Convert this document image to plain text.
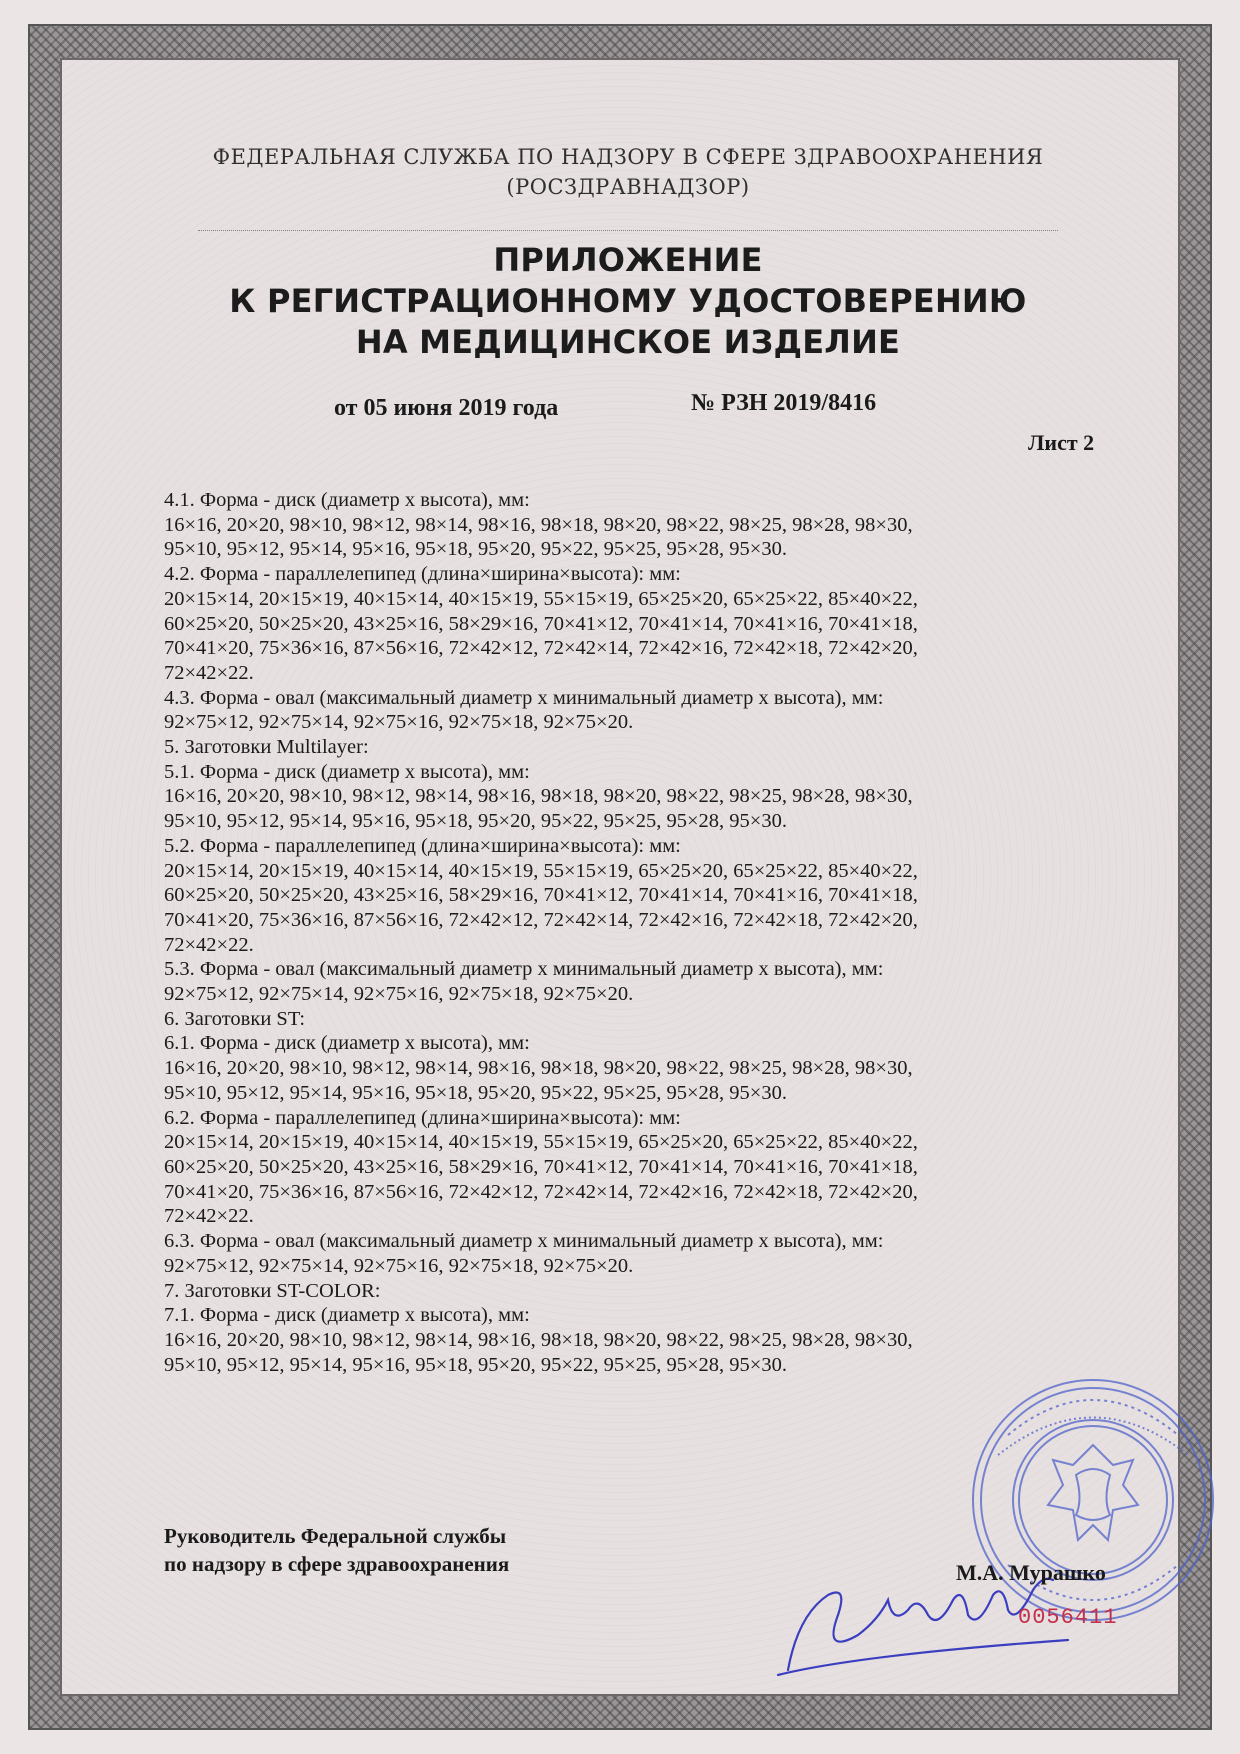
ФЕДЕРАЛЬНАЯ СЛУЖБА ПО НАДЗОРУ В СФЕРЕ ЗДРАВООХРАНЕНИЯ
(РОСЗДРАВНАДЗОР)
ПРИЛОЖЕНИЕ
К РЕГИСТРАЦИОННОМУ УДОСТОВЕРЕНИЮ
НА МЕДИЦИНСКОЕ ИЗДЕЛИЕ
от 05 июня 2019 года	№ РЗН 2019/8416
Лист 2
4.1. Форма - диск (диаметр х высота), мм:
16×16, 20×20, 98×10, 98×12, 98×14, 98×16, 98×18, 98×20, 98×22, 98×25, 98×28, 98×30,
95×10, 95×12, 95×14, 95×16, 95×18, 95×20, 95×22, 95×25, 95×28, 95×30.
4.2. Форма - параллелепипед (длина×ширина×высота): мм:
20×15×14, 20×15×19, 40×15×14, 40×15×19, 55×15×19, 65×25×20, 65×25×22, 85×40×22,
60×25×20, 50×25×20, 43×25×16, 58×29×16, 70×41×12, 70×41×14, 70×41×16, 70×41×18,
70×41×20, 75×36×16, 87×56×16, 72×42×12, 72×42×14, 72×42×16, 72×42×18, 72×42×20,
72×42×22.
4.3. Форма - овал (максимальный диаметр х минимальный диаметр х высота), мм:
92×75×12, 92×75×14, 92×75×16, 92×75×18, 92×75×20.
5. Заготовки Multilayer:
5.1. Форма - диск (диаметр х высота), мм:
16×16, 20×20, 98×10, 98×12, 98×14, 98×16, 98×18, 98×20, 98×22, 98×25, 98×28, 98×30,
95×10, 95×12, 95×14, 95×16, 95×18, 95×20, 95×22, 95×25, 95×28, 95×30.
5.2. Форма - параллелепипед (длина×ширина×высота): мм:
20×15×14, 20×15×19, 40×15×14, 40×15×19, 55×15×19, 65×25×20, 65×25×22, 85×40×22,
60×25×20, 50×25×20, 43×25×16, 58×29×16, 70×41×12, 70×41×14, 70×41×16, 70×41×18,
70×41×20, 75×36×16, 87×56×16, 72×42×12, 72×42×14, 72×42×16, 72×42×18, 72×42×20,
72×42×22.
5.3. Форма - овал (максимальный диаметр х минимальный диаметр х высота), мм:
92×75×12, 92×75×14, 92×75×16, 92×75×18, 92×75×20.
6. Заготовки ST:
6.1. Форма - диск (диаметр х высота), мм:
16×16, 20×20, 98×10, 98×12, 98×14, 98×16, 98×18, 98×20, 98×22, 98×25, 98×28, 98×30,
95×10, 95×12, 95×14, 95×16, 95×18, 95×20, 95×22, 95×25, 95×28, 95×30.
6.2. Форма - параллелепипед (длина×ширина×высота): мм:
20×15×14, 20×15×19, 40×15×14, 40×15×19, 55×15×19, 65×25×20, 65×25×22, 85×40×22,
60×25×20, 50×25×20, 43×25×16, 58×29×16, 70×41×12, 70×41×14, 70×41×16, 70×41×18,
70×41×20, 75×36×16, 87×56×16, 72×42×12, 72×42×14, 72×42×16, 72×42×18, 72×42×20,
72×42×22.
6.3. Форма - овал (максимальный диаметр х минимальный диаметр х высота), мм:
92×75×12, 92×75×14, 92×75×16, 92×75×18, 92×75×20.
7. Заготовки ST-COLOR:
7.1. Форма - диск (диаметр х высота), мм:
16×16, 20×20, 98×10, 98×12, 98×14, 98×16, 98×18, 98×20, 98×22, 98×25, 98×28, 98×30,
95×10, 95×12, 95×14, 95×16, 95×18, 95×20, 95×22, 95×25, 95×28, 95×30.
Руководитель Федеральной службы
по надзору в сфере здравоохранения	М.А. Мурашко
0056411
